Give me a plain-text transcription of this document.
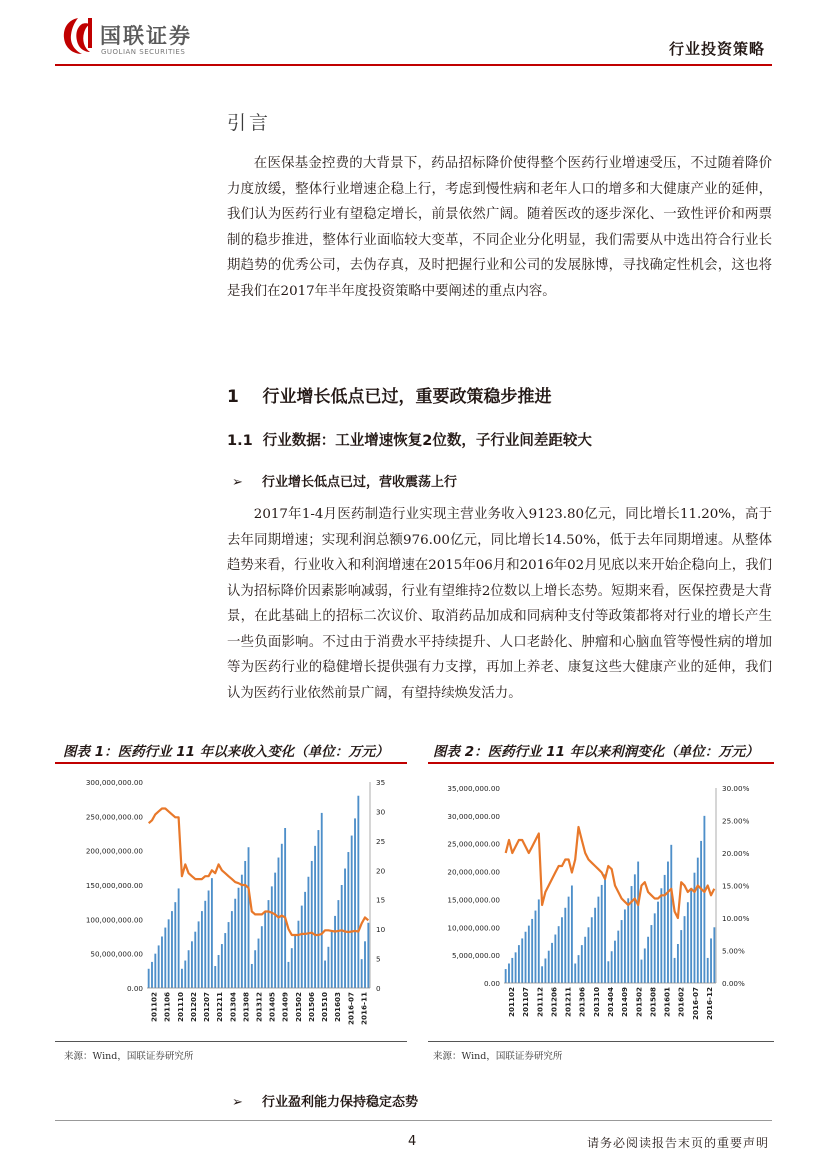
国联证券
GUOLIAN SECURITIES	行业投资策略
引言
在医保基金控费的大背景下，药品招标降价使得整个医药行业增速受压，不过随着降价力度放缓，整体行业增速企稳上行，考虑到慢性病和老年人口的增多和大健康产业的延伸，我们认为医药行业有望稳定增长，前景依然广阔。随着医改的逐步深化、一致性评价和两票制的稳步推进，整体行业面临较大变革，不同企业分化明显，我们需要从中选出符合行业长期趋势的优秀公司，去伪存真，及时把握行业和公司的发展脉博，寻找确定性机会，这也将是我们在2017年半年度投资策略中要阐述的重点内容。
1 行业增长低点已过，重要政策稳步推进
1.1 行业数据：工业增速恢复2位数，子行业间差距较大
➢ 行业增长低点已过，营收震荡上行
2017年1-4月医药制造行业实现主营业务收入9123.80亿元，同比增长11.20%，高于去年同期增速；实现利润总额976.00亿元，同比增长14.50%，低于去年同期增速。从整体趋势来看，行业收入和利润增速在2015年06月和2016年02月见底以来开始企稳向上，我们认为招标降价因素影响减弱，行业有望维持2位数以上增长态势。短期来看，医保控费是大背景，在此基础上的招标二次议价、取消药品加成和同病种支付等政策都将对行业的增长产生一些负面影响。不过由于消费水平持续提升、人口老龄化、肿瘤和心脑血管等慢性病的增加等为医药行业的稳健增长提供强有力支撑，再加上养老、康复这些大健康产业的延伸，我们认为医药行业依然前景广阔，有望持续焕发活力。
图表 1：医药行业 11 年以来收入变化（单位：万元）	图表 2：医药行业 11 年以来利润变化（单位：万元）
300,000,000.00
250,000,000.00
200,000,000.00
150,000,000.00
100,000,000.00
50,000,000.00
0.00
35
30
25
20
15
10
5
0
201102 201106 201110 201202 201207 201211 201304 201308 201312 201405 201409 201502 201506 201510 201603 2016-07 2016-11
35,000,000.00
30,000,000.00
25,000,000.00
20,000,000.00
15,000,000.00
10,000,000.00
5,000,000.00
0.00
30.00%
25.00%
20.00%
15.00%
10.00%
5.00%
0.00%
201102 201107 201112 201206 201211 201306 201310 201404 201409 201502 201508 201601 201602 2016-07 2016-12
来源：Wind，国联证券研究所	来源：Wind，国联证券研究所
➢ 行业盈利能力保持稳定态势
4	请务必阅读报告末页的重要声明
